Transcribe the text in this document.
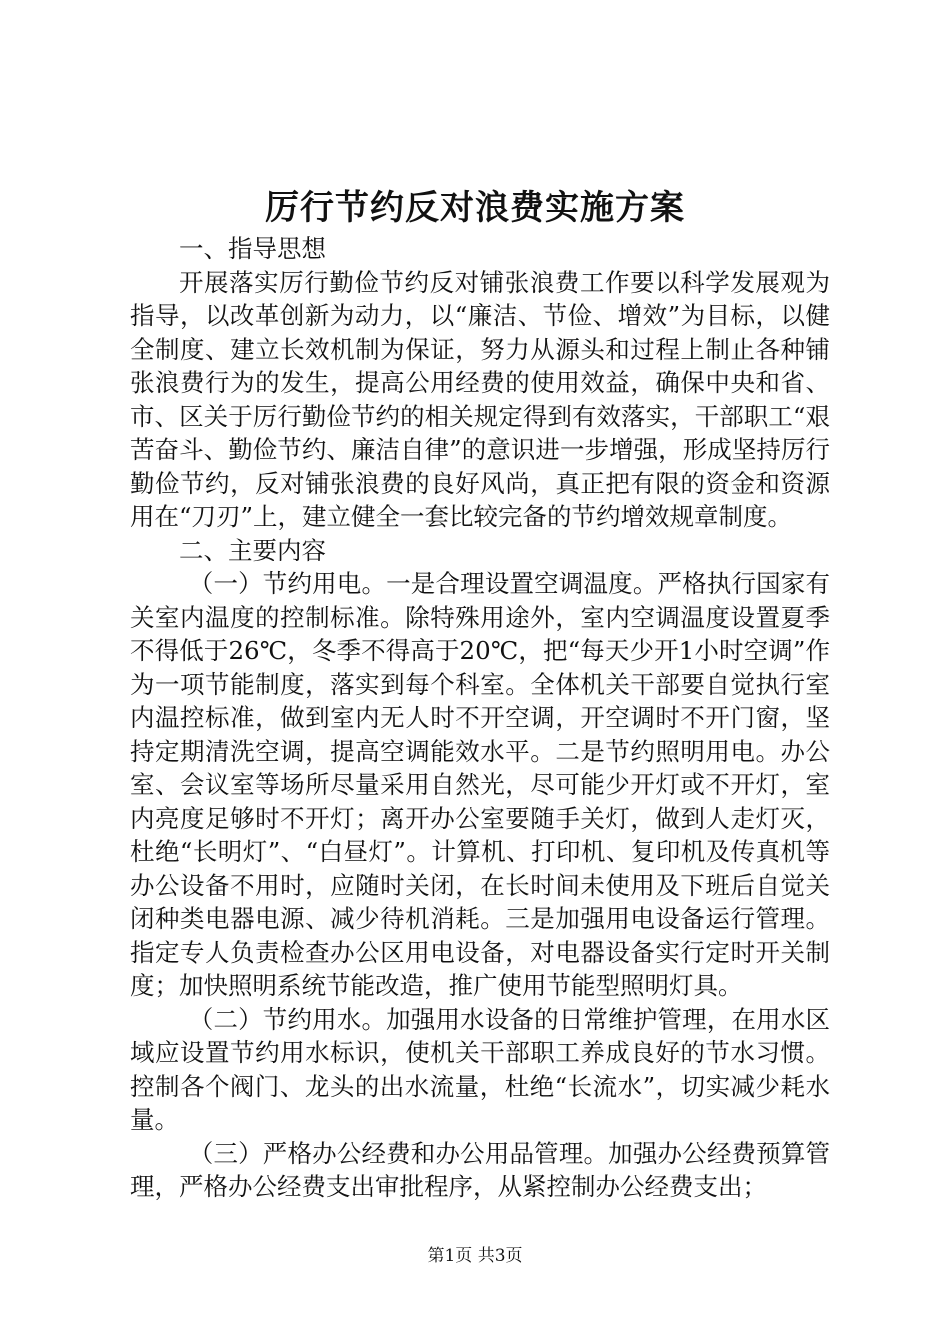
厉行节约反对浪费实施方案

一、指导思想

开展落实厉行勤俭节约反对铺张浪费工作要以科学发展观为指导，以改革创新为动力，以“廉洁、节俭、增效”为目标，以健全制度、建立长效机制为保证，努力从源头和过程上制止各种铺张浪费行为的发生，提高公用经费的使用效益，确保中央和省、市、区关于厉行勤俭节约的相关规定得到有效落实，干部职工“艰苦奋斗、勤俭节约、廉洁自律”的意识进一步增强，形成坚持厉行勤俭节约，反对铺张浪费的良好风尚，真正把有限的资金和资源用在“刀刃”上，建立健全一套比较完备的节约增效规章制度。

二、主要内容

（一）节约用电。一是合理设置空调温度。严格执行国家有关室内温度的控制标准。除特殊用途外，室内空调温度设置夏季不得低于26℃，冬季不得高于20℃，把“每天少开1小时空调”作为一项节能制度，落实到每个科室。全体机关干部要自觉执行室内温控标准，做到室内无人时不开空调，开空调时不开门窗，坚持定期清洗空调，提高空调能效水平。二是节约照明用电。办公室、会议室等场所尽量采用自然光，尽可能少开灯或不开灯，室内亮度足够时不开灯；离开办公室要随手关灯，做到人走灯灭，杜绝“长明灯”、“白昼灯”。计算机、打印机、复印机及传真机等办公设备不用时，应随时关闭，在长时间未使用及下班后自觉关闭种类电器电源、减少待机消耗。三是加强用电设备运行管理。指定专人负责检查办公区用电设备，对电器设备实行定时开关制度；加快照明系统节能改造，推广使用节能型照明灯具。

（二）节约用水。加强用水设备的日常维护管理，在用水区域应设置节约用水标识，使机关干部职工养成良好的节水习惯。控制各个阀门、龙头的出水流量，杜绝“长流水”，切实减少耗水量。

（三）严格办公经费和办公用品管理。加强办公经费预算管理，严格办公经费支出审批程序，从紧控制办公经费支出；

第1页 共3页
